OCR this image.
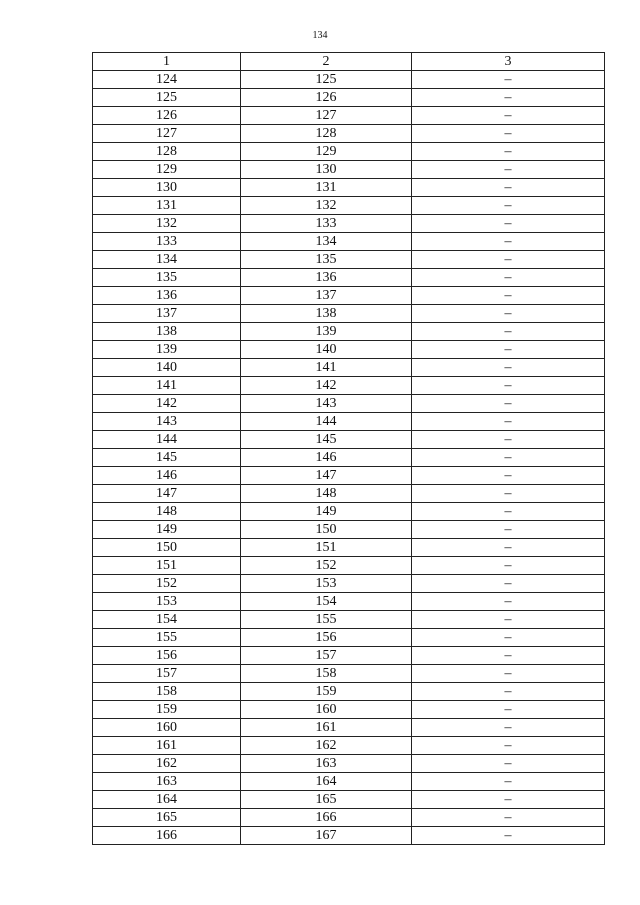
134
1	2	3
124	125	–
125	126	–
126	127	–
127	128	–
128	129	–
129	130	–
130	131	–
131	132	–
132	133	–
133	134	–
134	135	–
135	136	–
136	137	–
137	138	–
138	139	–
139	140	–
140	141	–
141	142	–
142	143	–
143	144	–
144	145	–
145	146	–
146	147	–
147	148	–
148	149	–
149	150	–
150	151	–
151	152	–
152	153	–
153	154	–
154	155	–
155	156	–
156	157	–
157	158	–
158	159	–
159	160	–
160	161	–
161	162	–
162	163	–
163	164	–
164	165	–
165	166	–
166	167	–
